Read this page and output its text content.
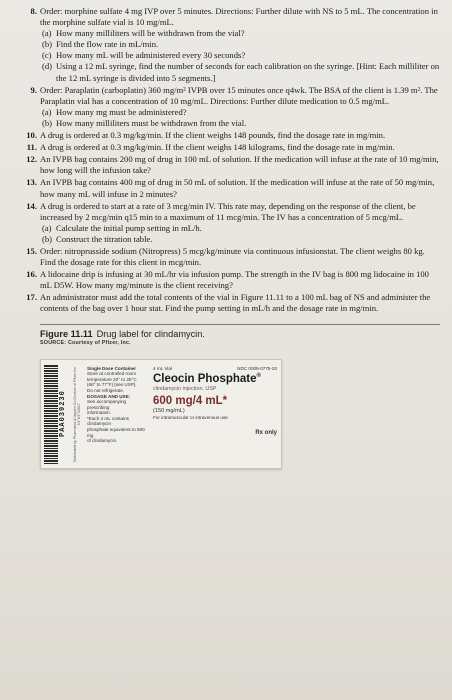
8. Order: morphine sulfate 4 mg IVP over 5 minutes. Directions: Further dilute with NS to 5 mL. The concentration in the morphine sulfate vial is 10 mg/mL.
(a) How many milliliters will be withdrawn from the vial?
(b) Find the flow rate in mL/min.
(c) How many mL will be administered every 30 seconds?
(d) Using a 12 mL syringe, find the number of seconds for each calibration on the syringe. [Hint: Each milliliter on the 12 mL syringe is divided into 5 segments.]
9. Order: Paraplatin (carboplatin) 360 mg/m² IVPB over 15 minutes once q4wk. The BSA of the client is 1.39 m². The Paraplatin vial has a concentration of 10 mg/mL. Directions: Further dilute medication to 0.5 mg/mL.
(a) How many mg must be administered?
(b) How many milliliters must be withdrawn from the vial.
10. A drug is ordered at 0.3 mg/kg/min. If the client weighs 148 pounds, find the dosage rate in mg/min.
11. A drug is ordered at 0.3 mg/kg/min. If the client weighs 148 kilograms, find the dosage rate in mg/min.
12. An IVPB bag contains 200 mg of drug in 100 mL of solution. If the medication will infuse at the rate of 10 mg/min, how long will the infusion take?
13. An IVPB bag contains 400 mg of drug in 50 mL of solution. If the medication will infuse at the rate of 50 mg/min, how many mL will infuse in 2 minutes?
14. A drug is ordered to start at a rate of 3 mcg/min IV. This rate may, depending on the response of the client, be increased by 2 mcg/min q15 min to a maximum of 11 mcg/min. The IV has a concentration of 5 mcg/mL.
(a) Calculate the initial pump setting in mL/h.
(b) Construct the titration table.
15. Order: nitroprusside sodium (Nitropress) 5 mcg/kg/minute via continuous infusionstat. The client weighs 80 kg. Find the dosage rate for this client in mcg/min.
16. A lidocaine drip is infusing at 30 mL/hr via infusion pump. The strength in the IV bag is 800 mg lidocaine in 100 mL D5W. How many mg/minute is the client receiving?
17. An administrator must add the total contents of the vial in Figure 11.11 to a 100 mL bag of NS and administer the contents of the bag over 1 hour stat. Find the pump setting in mL/h and the dosage rate in mg/min.
Figure 11.11 Drug label for clindamycin.
SOURCE: Courtesy of Pfizer, Inc.
PAA039230	Distributed by Pharmacia & Upjohn Co Division of Pfizer Inc NY NY 10017
Single Dose Container
Store at controlled room
temperature 20° to 25°C
(68° to 77°F) [see USP].
Do not refrigerate.
DOSAGE AND USE:
See accompanying prescribing
information.
*Each 4 mL contains clindamycin
phosphate equivalent to 600 mg
of clindamycin.
4 mL Vial	NDC 0009-0775-20
Cleocin Phosphate®
clindamycin injection, USP
600 mg/4 mL*
(150 mg/mL)
For intramuscular or intravenous use
Rx only
